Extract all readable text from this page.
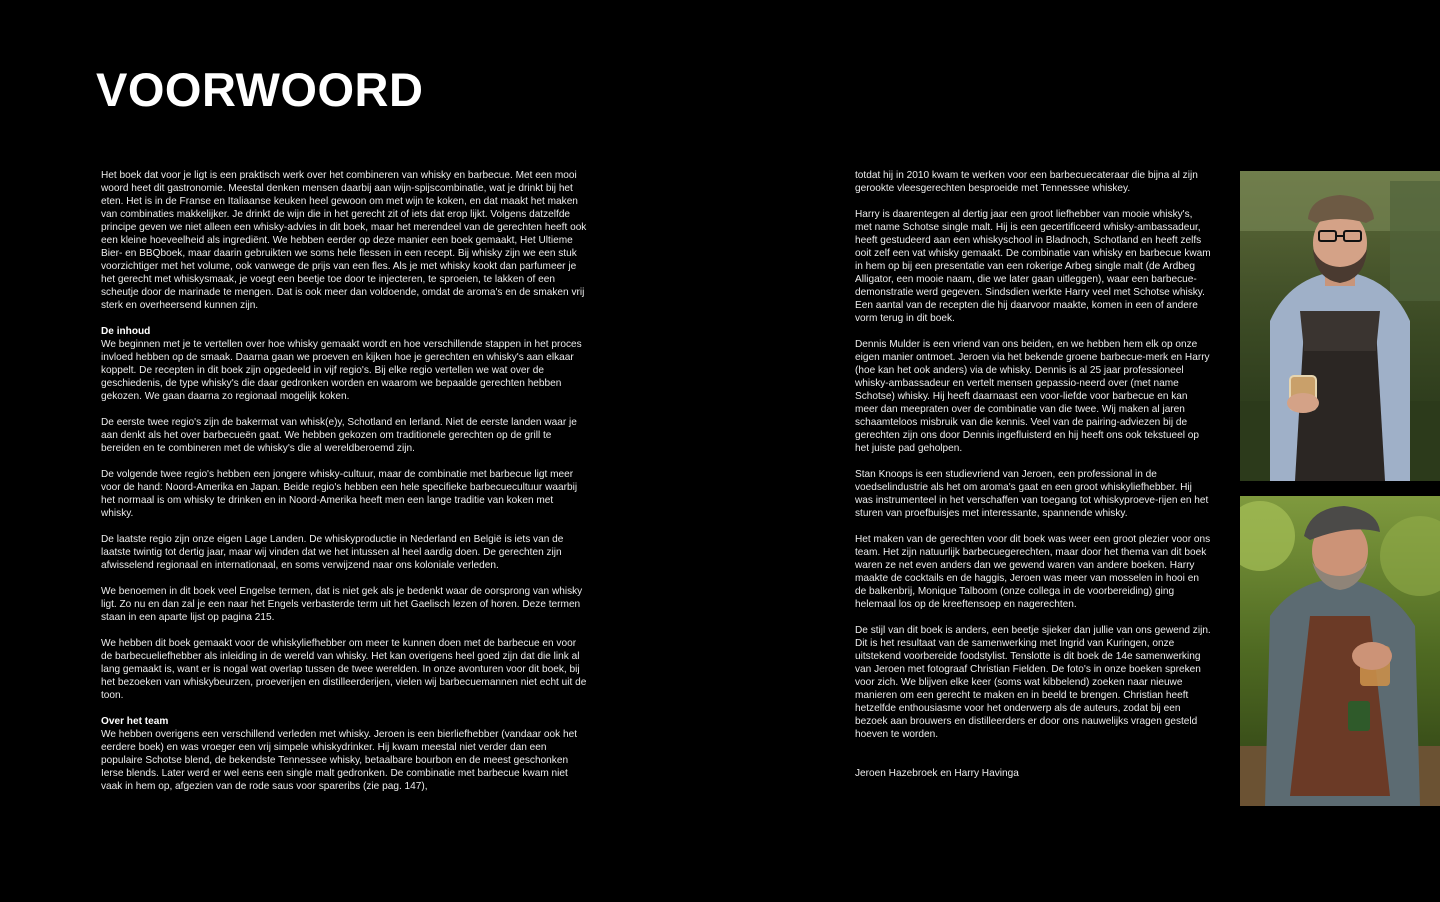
VOORWOORD

Het boek dat voor je ligt is een praktisch werk over het combineren van whisky en barbecue. Met een mooi woord heet dit gastronomie. Meestal denken mensen daarbij aan wijn-spijscombinatie, wat je drinkt bij het eten. Het is in de Franse en Italiaanse keuken heel gewoon om met wijn te koken, en dat maakt het maken van combinaties makkelijker. Je drinkt de wijn die in het gerecht zit of iets dat erop lijkt. Volgens datzelfde principe geven we niet alleen een whisky-advies in dit boek, maar het merendeel van de gerechten heeft ook een kleine hoeveelheid als ingrediënt. We hebben eerder op deze manier een boek gemaakt, Het Ultieme Bier- en BBQboek, maar daarin gebruikten we soms hele flessen in een recept. Bij whisky zijn we een stuk voorzichtiger met het volume, ook vanwege de prijs van een fles. Als je met whisky kookt dan parfumeer je het gerecht met whiskysmaak, je voegt een beetje toe door te injecteren, te sproeien, te lakken of een scheutje door de marinade te mengen. Dat is ook meer dan voldoende, omdat de aroma's en de smaken vrij sterk en overheersend kunnen zijn.

De inhoud

We beginnen met je te vertellen over hoe whisky gemaakt wordt en hoe verschillende stappen in het proces invloed hebben op de smaak. Daarna gaan we proeven en kijken hoe je gerechten en whisky's aan elkaar koppelt. De recepten in dit boek zijn opgedeeld in vijf regio's. Bij elke regio vertellen we wat over de geschiedenis, de type whisky's die daar gedronken worden en waarom we bepaalde gerechten hebben gekozen. We gaan daarna zo regionaal mogelijk koken.

De eerste twee regio's zijn de bakermat van whisk(e)y, Schotland en Ierland. Niet de eerste landen waar je aan denkt als het over barbecueën gaat. We hebben gekozen om traditionele gerechten op de grill te bereiden en te combineren met de whisky's die al wereldberoemd zijn.

De volgende twee regio's hebben een jongere whisky-cultuur, maar de combinatie met barbecue ligt meer voor de hand: Noord-Amerika en Japan. Beide regio's hebben een hele specifieke barbecuecultuur waarbij het normaal is om whisky te drinken en in Noord-Amerika heeft men een lange traditie van koken met whisky.

De laatste regio zijn onze eigen Lage Landen. De whiskyproductie in Nederland en België is iets van de laatste twintig tot dertig jaar, maar wij vinden dat we het intussen al heel aardig doen. De gerechten zijn afwisselend regionaal en internationaal, en soms verwijzend naar ons koloniale verleden.

We benoemen in dit boek veel Engelse termen, dat is niet gek als je bedenkt waar de oorsprong van whisky ligt. Zo nu en dan zal je een naar het Engels verbasterde term uit het Gaelisch lezen of horen. Deze termen staan in een aparte lijst op pagina 215.

We hebben dit boek gemaakt voor de whiskyliefhebber om meer te kunnen doen met de barbecue en voor de barbecueliefhebber als inleiding in de wereld van whisky. Het kan overigens heel goed zijn dat die link al lang gemaakt is, want er is nogal wat overlap tussen de twee werelden. In onze avonturen voor dit boek, bij het bezoeken van whiskybeurzen, proeverijen en distilleerderijen, vielen wij barbecuemannen niet echt uit de toon.

Over het team

We hebben overigens een verschillend verleden met whisky. Jeroen is een bierliefhebber (vandaar ook het eerdere boek) en was vroeger een vrij simpele whiskydrinker. Hij kwam meestal niet verder dan een populaire Schotse blend, de bekendste Tennessee whisky, betaalbare bourbon en de meest geschonken Ierse blends. Later werd er wel eens een single malt gedronken. De combinatie met barbecue kwam niet vaak in hem op, afgezien van de rode saus voor spareribs (zie pag. 147),

totdat hij in 2010 kwam te werken voor een barbecuecateraar die bijna al zijn gerookte vleesgerechten besproeide met Tennessee whiskey.

Harry is daarentegen al dertig jaar een groot liefhebber van mooie whisky's, met name Schotse single malt. Hij is een gecertificeerd whisky-ambassadeur, heeft gestudeerd aan een whiskyschool in Bladnoch, Schotland en heeft zelfs ooit zelf een vat whisky gemaakt. De combinatie van whisky en barbecue kwam in hem op bij een presentatie van een rokerige Arbeg single malt (de Ardbeg Alligator, een mooie naam, die we later gaan uitleggen), waar een barbecue-demonstratie werd gegeven. Sindsdien werkte Harry veel met Schotse whisky. Een aantal van de recepten die hij daarvoor maakte, komen in een of andere vorm terug in dit boek.

Dennis Mulder is een vriend van ons beiden, en we hebben hem elk op onze eigen manier ontmoet. Jeroen via het bekende groene barbecue-merk en Harry (hoe kan het ook anders) via de whisky. Dennis is al 25 jaar professioneel whisky-ambassadeur en vertelt mensen gepassio-neerd over (met name Schotse) whisky. Hij heeft daarnaast een voor-liefde voor barbecue en kan meer dan meepraten over de combinatie van die twee. Wij maken al jaren schaamteloos misbruik van die kennis. Veel van de pairing-adviezen bij de gerechten zijn ons door Dennis ingefluisterd en hij heeft ons ook tekstueel op het juiste pad geholpen.

Stan Knoops is een studievriend van Jeroen, een professional in de voedselindustrie als het om aroma's gaat en een groot whiskyliefhebber. Hij was instrumenteel in het verschaffen van toegang tot whiskyproeve-rijen en het sturen van proefbuisjes met interessante, spannende whisky.

Het maken van de gerechten voor dit boek was weer een groot plezier voor ons team. Het zijn natuurlijk barbecuegerechten, maar door het thema van dit boek waren ze net even anders dan we gewend waren van andere boeken. Harry maakte de cocktails en de haggis, Jeroen was meer van mosselen in hooi en de balkenbrij, Monique Talboom (onze collega in de voorbereiding) ging helemaal los op de kreeftensoep en nagerechten.

De stijl van dit boek is anders, een beetje sjieker dan jullie van ons gewend zijn. Dit is het resultaat van de samenwerking met Ingrid van Kuringen, onze uitstekend voorbereide foodstylist. Tenslotte is dit boek de 14e samenwerking van Jeroen met fotograaf Christian Fielden. De foto's in onze boeken spreken voor zich. We blijven elke keer (soms wat kibbelend) zoeken naar nieuwe manieren om een gerecht te maken en in beeld te brengen. Christian heeft hetzelfde enthousiasme voor het onderwerp als de auteurs, zodat bij een bezoek aan brouwers en distilleerders er door ons nauwelijks vragen gesteld hoeven te worden.

Jeroen Hazebroek en Harry Havinga
